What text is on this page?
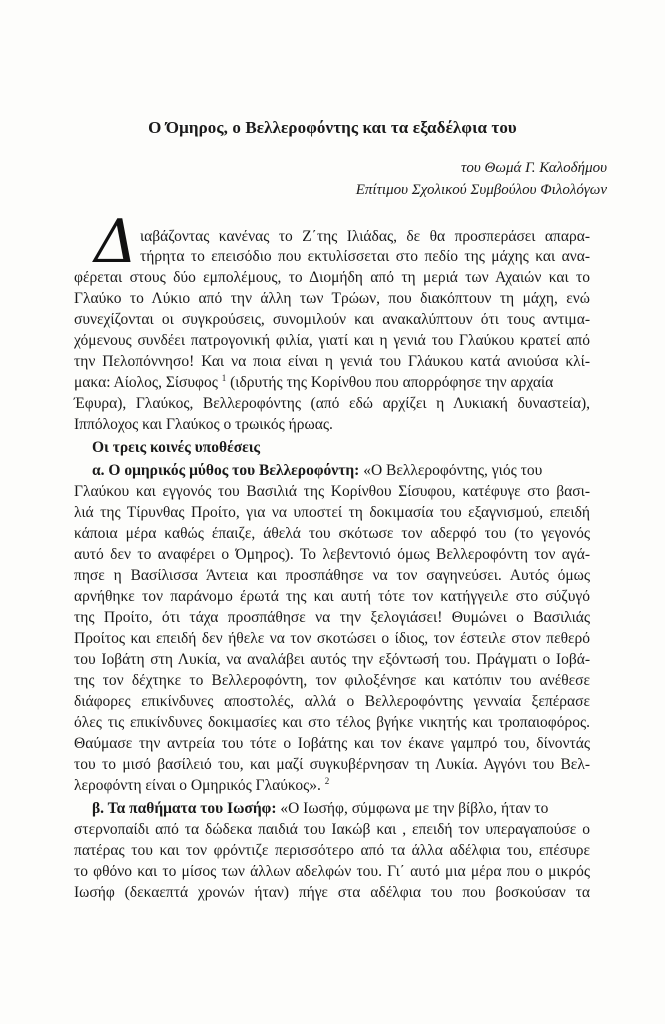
Ο Όμηρος, ο Βελλεροφόντης και τα εξαδέλφια του
του Θωμά Γ. Καλοδήμου
Επίτιμου Σχολικού Συμβούλου Φιλολόγων
Δ ιαβάζοντας κανένας το Ζ΄της Ιλιάδας, δε θα προσπεράσει απαρα-
τήρητα το επεισόδιο που εκτυλίσσεται στο πεδίο της μάχης και ανα-
φέρεται στους δύο εμπολέμους, το Διομήδη από τη μεριά των Αχαιών και το
Γλαύκο το Λύκιο από την άλλη των Τρώων, που διακόπτουν τη μάχη, ενώ
συνεχίζονται οι συγκρούσεις, συνομιλούν και ανακαλύπτουν ότι τους αντιμα-
χόμενους συνδέει πατρογονική φιλία, γιατί και η γενιά του Γλαύκου κρατεί από
την Πελοπόννησο! Και να ποια είναι η γενιά του Γλάυκου κατά ανιούσα κλί-
μακα: Αίολος, Σίσυφος $^1$ (ιδρυτής της Κορίνθου που απορρόφησε την αρχαία
Έφυρα), Γλαύκος, Βελλεροφόντης (από εδώ αρχίζει η Λυκιακή δυναστεία),
Ιππόλοχος και Γλαύκος ο τρωικός ήρωας.
Οι τρεις κοινές υποθέσεις
α. Ο ομηρικός μύθος του Βελλεροφόντη: «Ο Βελλεροφόντης, γιός του
Γλαύκου και εγγονός του Βασιλιά της Κορίνθου Σίσυφου, κατέφυγε στο βασι-
λιά της Τίρυνθας Προίτο, για να υποστεί τη δοκιμασία του εξαγνισμού, επειδή
κάποια μέρα καθώς έπαιζε, άθελά του σκότωσε τον αδερφό του (το γεγονός
αυτό δεν το αναφέρει ο Όμηρος). Το λεβεντονιό όμως Βελλεροφόντη τον αγά-
πησε η Βασίλισσα Άντεια και προσπάθησε να τον σαγηνεύσει. Αυτός όμως
αρνήθηκε τον παράνομο έρωτά της και αυτή τότε τον κατήγγειλε στο σύζυγό
της Προίτο, ότι τάχα προσπάθησε να την ξελογιάσει! Θυμώνει ο Βασιλιάς
Προίτος και επειδή δεν ήθελε να τον σκοτώσει ο ίδιος, τον έστειλε στον πεθερό
του Ιοβάτη στη Λυκία, να αναλάβει αυτός την εξόντωσή του. Πράγματι ο Ιοβά-
της τον δέχτηκε το Βελλεροφόντη, τον φιλοξένησε και κατόπιν του ανέθεσε
διάφορες επικίνδυνες αποστολές, αλλά ο Βελλεροφόντης γενναία ξεπέρασε
όλες τις επικίνδυνες δοκιμασίες και στο τέλος βγήκε νικητής και τροπαιοφόρος.
Θαύμασε την αντρεία του τότε ο Ιοβάτης και τον έκανε γαμπρό του, δίνοντάς
του το μισό βασίλειό του, και μαζί συγκυβέρνησαν τη Λυκία. Αγγόνι του Βελ-
λεροφόντη είναι ο Ομηρικός Γλαύκος». $^2$
β. Τα παθήματα του Ιωσήφ: «Ο Ιωσήφ, σύμφωνα με την βίβλο, ήταν το
στερνοπαίδι από τα δώδεκα παιδιά του Ιακώβ και , επειδή τον υπεραγαπούσε ο
πατέρας του και τον φρόντιζε περισσότερο από τα άλλα αδέλφια του, επέσυρε
το φθόνο και το μίσος των άλλων αδελφών του. Γι΄ αυτό μια μέρα που ο μικρός
Ιωσήφ (δεκαεπτά χρονών ήταν) πήγε στα αδέλφια του που βοσκούσαν τα
